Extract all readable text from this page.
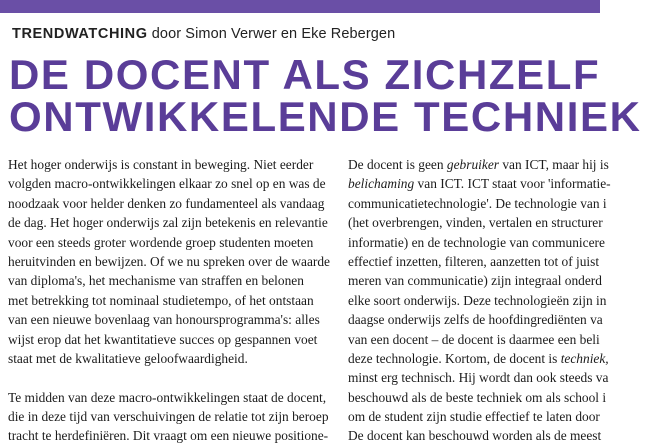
TRENDWATCHING door Simon Verwer en Eke Rebergen
DE DOCENT ALS ZICHZELF
ONTWIKKELENDE TECHNIEK
Het hoger onderwijs is constant in beweging. Niet eerder
volgden macro-ontwikkelingen elkaar zo snel op en was de
noodzaak voor helder denken zo fundamenteel als vandaag
de dag. Het hoger onderwijs zal zijn betekenis en relevantie
voor een steeds groter wordende groep studenten moeten
heruitvinden en bewijzen. Of we nu spreken over de waarde
van diploma's, het mechanisme van straffen en belonen
met betrekking tot nominaal studietempo, of het ontstaan
van een nieuwe bovenlaag van honoursprogramma's: alles
wijst erop dat het kwantitatieve succes op gespannen voet
staat met de kwalitatieve geloofwaardigheid.
Te midden van deze macro-ontwikkelingen staat de docent,
die in deze tijd van verschuivingen de relatie tot zijn beroep
tracht te herdefiniëren. Dit vraagt om een nieuwe positione-
De docent is geen gebruiker van ICT, maar hij is
belichaming van ICT. ICT staat voor 'informatie-
communicatietechnologie'. De technologie van i
(het overbrengen, vinden, vertalen en structurer
informatie) en de technologie van communicere
effectief inzetten, filteren, aanzetten tot of juist
meren van communicatie) zijn integraal onderd
elke soort onderwijs. Deze technologieën zijn in
daagse onderwijs zelfs de hoofdingrediënten va
van een docent – de docent is daarmee een beli
deze technologie. Kortom, de docent is techniek,
minst erg technisch. Hij wordt dan ook steeds va
beschouwd als de beste techniek om als school i
om de student zijn studie effectief te laten door
De docent kan beschouwd worden als de meest
